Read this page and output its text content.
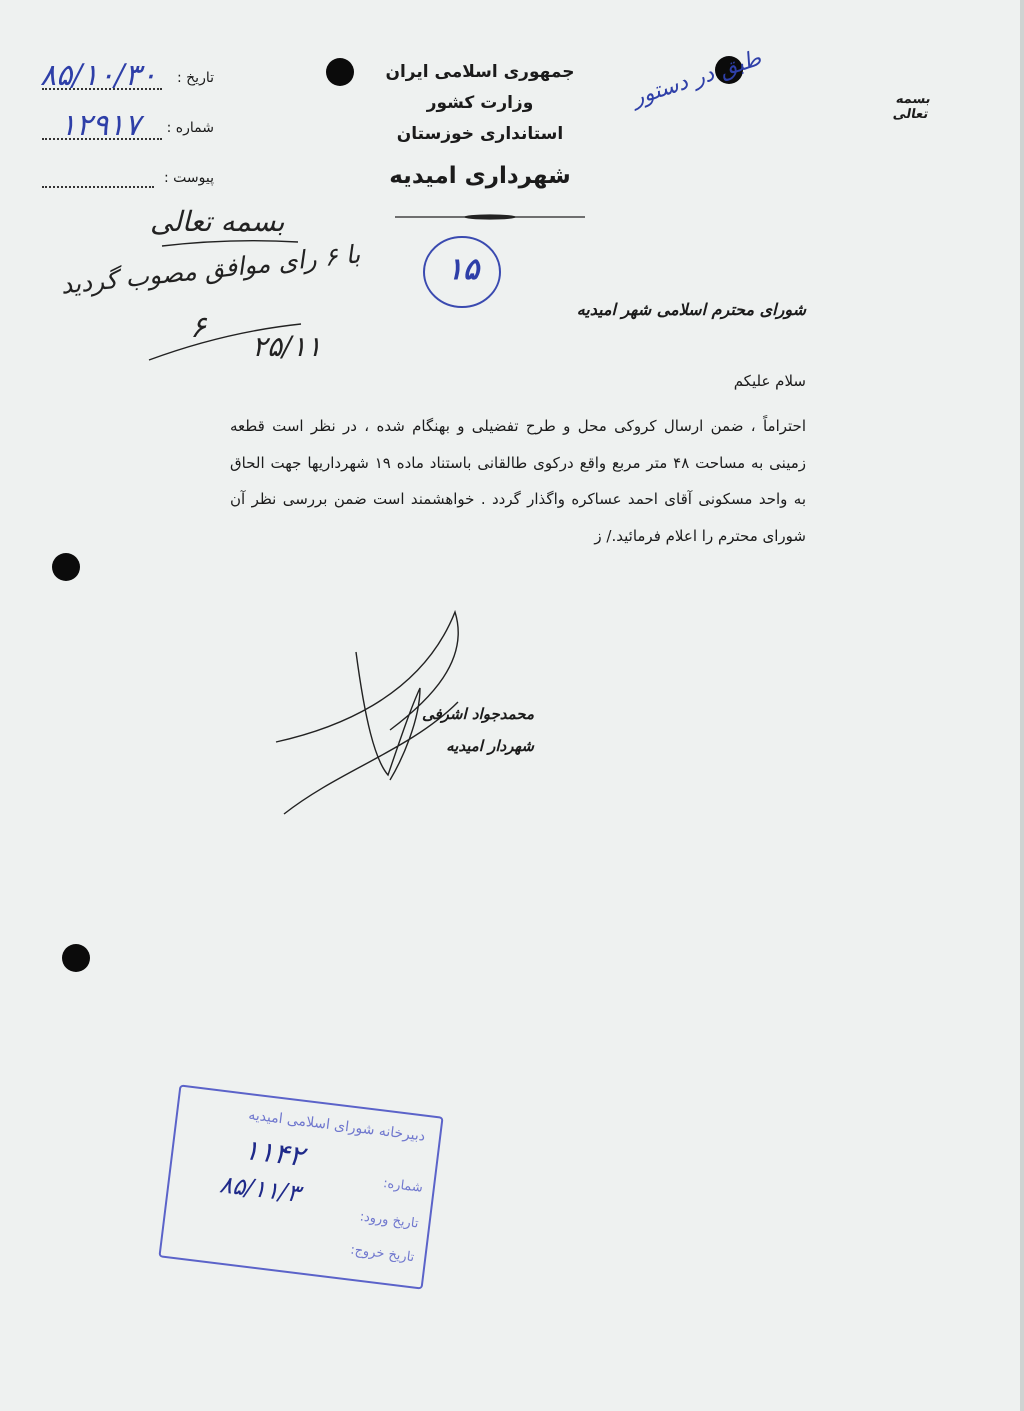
جمهوری اسلامی ایران
وزارت کشور
استانداری خوزستان
شهرداری امیدیه
تاریخ :
۸۵/۱۰/۳۰
شماره :
۱۲۹۱۷
پیوست :
بسمه تعالی
طبق در دستور
۱۵
بسمه تعالی
با ۶ رای موافق مصوب گردید
۶
۲۵/۱۱
شورای محترم اسلامی شهر امیدیه
سلام علیکم
احتراماً ، ضمن ارسال کروکی محل و طرح تفضیلی و بهنگام شده ، در نظر است قطعه زمینی به مساحت ۴۸ متر مربع واقع درکوی طالقانی باستناد ماده ۱۹ شهرداریها جهت الحاق به واحد مسکونی آقای احمد عساکره واگذار گردد . خواهشمند است ضمن بررسی نظر آن شورای محترم را اعلام فرمائید./ ز
محمدجواد اشرفی
شهردار امیدیه
دبیرخانه شورای اسلامی امیدیه
شماره:
۱۱۴۲
تاریخ ورود:
۸۵/۱۱/۳
تاریخ خروج:
